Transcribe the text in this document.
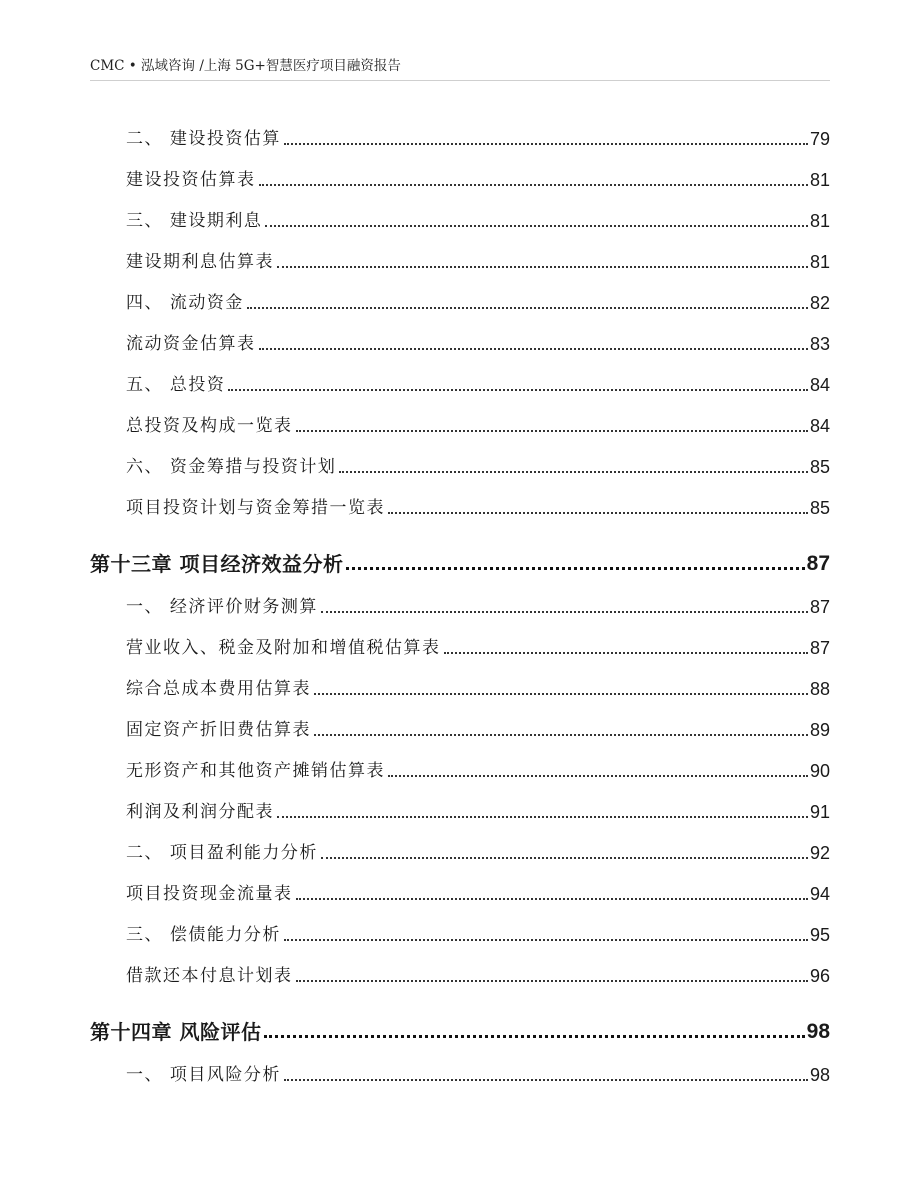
CMC • 泓域咨询 /上海 5G+智慧医疗项目融资报告
二、 建设投资估算	79
建设投资估算表	81
三、 建设期利息	81
建设期利息估算表	81
四、 流动资金	82
流动资金估算表	83
五、 总投资	84
总投资及构成一览表	84
六、 资金筹措与投资计划	85
项目投资计划与资金筹措一览表	85
第十三章 项目经济效益分析	87
一、 经济评价财务测算	87
营业收入、税金及附加和增值税估算表	87
综合总成本费用估算表	88
固定资产折旧费估算表	89
无形资产和其他资产摊销估算表	90
利润及利润分配表	91
二、 项目盈利能力分析	92
项目投资现金流量表	94
三、 偿债能力分析	95
借款还本付息计划表	96
第十四章 风险评估	98
一、 项目风险分析	98
